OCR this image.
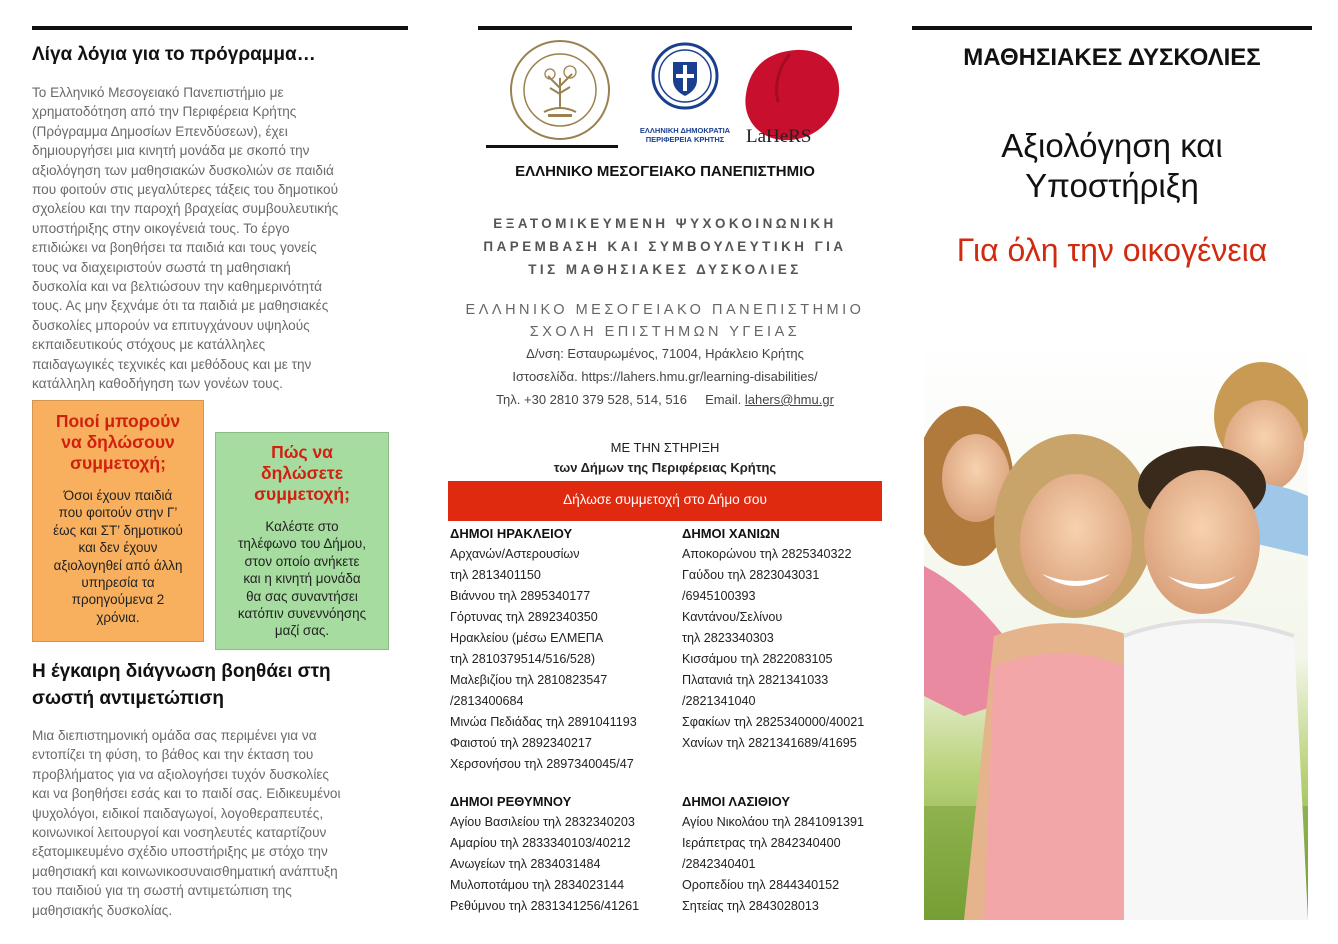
Λίγα λόγια για το πρόγραμμα…
Το Ελληνικό Μεσογειακό Πανεπιστήμιο με
χρηματοδότηση από την Περιφέρεια Κρήτης
(Πρόγραμμα Δημοσίων Επενδύσεων), έχει
δημιουργήσει μια κινητή μονάδα με σκοπό την
αξιολόγηση των μαθησιακών δυσκολιών σε παιδιά
που φοιτούν στις μεγαλύτερες τάξεις του δημοτικού
σχολείου και την παροχή βραχείας συμβουλευτικής
υποστήριξης στην οικογένειά τους. Το έργο
επιδιώκει να βοηθήσει τα παιδιά και τους γονείς
τους να διαχειριστούν σωστά τη μαθησιακή
δυσκολία και να βελτιώσουν την καθημερινότητά
τους. Ας μην ξεχνάμε ότι τα παιδιά με μαθησιακές
δυσκολίες μπορούν να επιτυγχάνουν υψηλούς
εκπαιδευτικούς στόχους με κατάλληλες
παιδαγωγικές τεχνικές και μεθόδους και με την
κατάλληλη καθοδήγηση των γονέων τους.
Ποιοί μπορούν
να δηλώσουν
συμμετοχή;
Όσοι έχουν παιδιά
που φοιτούν στην Γ’
έως και ΣΤ’ δημοτικού
και δεν έχουν
αξιολογηθεί από άλλη
υπηρεσία τα
προηγούμενα 2
χρόνια.
Πώς να
δηλώσετε
συμμετοχή;
Καλέστε στο
τηλέφωνο του Δήμου,
στον οποίο ανήκετε
και η κινητή μονάδα
θα σας συναντήσει
κατόπιν συνεννόησης
μαζί σας.
Η έγκαιρη διάγνωση βοηθάει στη
σωστή αντιμετώπιση
Μια διεπιστημονική ομάδα σας περιμένει για να
εντοπίζει τη φύση, το βάθος και την έκταση του
προβλήματος για να αξιολογήσει τυχόν δυσκολίες
και να βοηθήσει εσάς και το παιδί σας. Ειδικευμένοι
ψυχολόγοι, ειδικοί παιδαγωγοί, λογοθεραπευτές,
κοινωνικοί λειτουργοί και νοσηλευτές καταρτίζουν
εξατομικευμένο σχέδιο υποστήριξης με στόχο την
μαθησιακή και κοινωνικοσυναισθηματική ανάπτυξη
του παιδιού για τη σωστή αντιμετώπιση της
μαθησιακής δυσκολίας.
ΕΛΛΗΝΙΚΗ ΔΗΜΟΚΡΑΤΙΑ
ΠΕΡΙΦΕΡΕΙΑ ΚΡΗΤΗΣ	LaHeRS
ΕΛΛΗΝΙΚΟ ΜΕΣΟΓΕΙΑΚΟ ΠΑΝΕΠΙΣΤΗΜΙΟ
ΕΞΑΤΟΜΙΚΕΥΜΕΝΗ ΨΥΧΟΚΟΙΝΩΝΙΚΗ
ΠΑΡΕΜΒΑΣΗ ΚΑΙ ΣΥΜΒΟΥΛΕΥΤΙΚΗ ΓΙΑ
ΤΙΣ ΜΑΘΗΣΙΑΚΕΣ ΔΥΣΚΟΛΙΕΣ
ΕΛΛΗΝΙΚΟ ΜΕΣΟΓΕΙΑΚΟ ΠΑΝΕΠΙΣΤΗΜΙΟ
ΣΧΟΛΗ ΕΠΙΣΤΗΜΩΝ ΥΓΕΙΑΣ
Δ/νση: Εσταυρωμένος, 71004, Ηράκλειο Κρήτης
Ιστοσελίδα. https://lahers.hmu.gr/learning-disabilities/
Τηλ. +30 2810 379 528, 514, 516 Email. lahers@hmu.gr
ΜΕ ΤΗΝ ΣΤΗΡΙΞΗ
των Δήμων της Περιφέρειας Κρήτης
Δήλωσε συμμετοχή στο Δήμο σου
ΔΗΜΟΙ ΗΡΑΚΛΕΙΟΥ
Αρχανών/Αστερουσίων
τηλ 2813401150
Βιάννου τηλ 2895340177
Γόρτυνας τηλ 2892340350
Ηρακλείου (μέσω ΕΛΜΕΠΑ
τηλ 2810379514/516/528)
Μαλεβιζίου τηλ 2810823547
/2813400684
Μινώα Πεδιάδας τηλ 2891041193
Φαιστού τηλ 2892340217
Χερσονήσου τηλ 2897340045/47
ΔΗΜΟΙ ΧΑΝΙΩΝ
Αποκορώνου τηλ 2825340322
Γαύδου τηλ 2823043031
/6945100393
Καντάνου/Σελίνου
τηλ 2823340303
Κισσάμου τηλ 2822083105
Πλατανιά τηλ 2821341033
/2821341040
Σφακίων τηλ 2825340000/40021
Χανίων τηλ 2821341689/41695
ΔΗΜΟΙ ΡΕΘΥΜΝΟΥ
Αγίου Βασιλείου τηλ 2832340203
Αμαρίου τηλ 2833340103/40212
Ανωγείων τηλ 2834031484
Μυλοποτάμου τηλ 2834023144
Ρεθύμνου τηλ 2831341256/41261
ΔΗΜΟΙ ΛΑΣΙΘΙΟΥ
Αγίου Νικολάου τηλ 2841091391
Ιεράπετρας τηλ 2842340400
/2842340401
Οροπεδίου τηλ 2844340152
Σητείας τηλ 2843028013
ΜΑΘΗΣΙΑΚΕΣ ΔΥΣΚΟΛΙΕΣ
Αξιολόγηση και
Υποστήριξη
Για όλη την οικογένεια
